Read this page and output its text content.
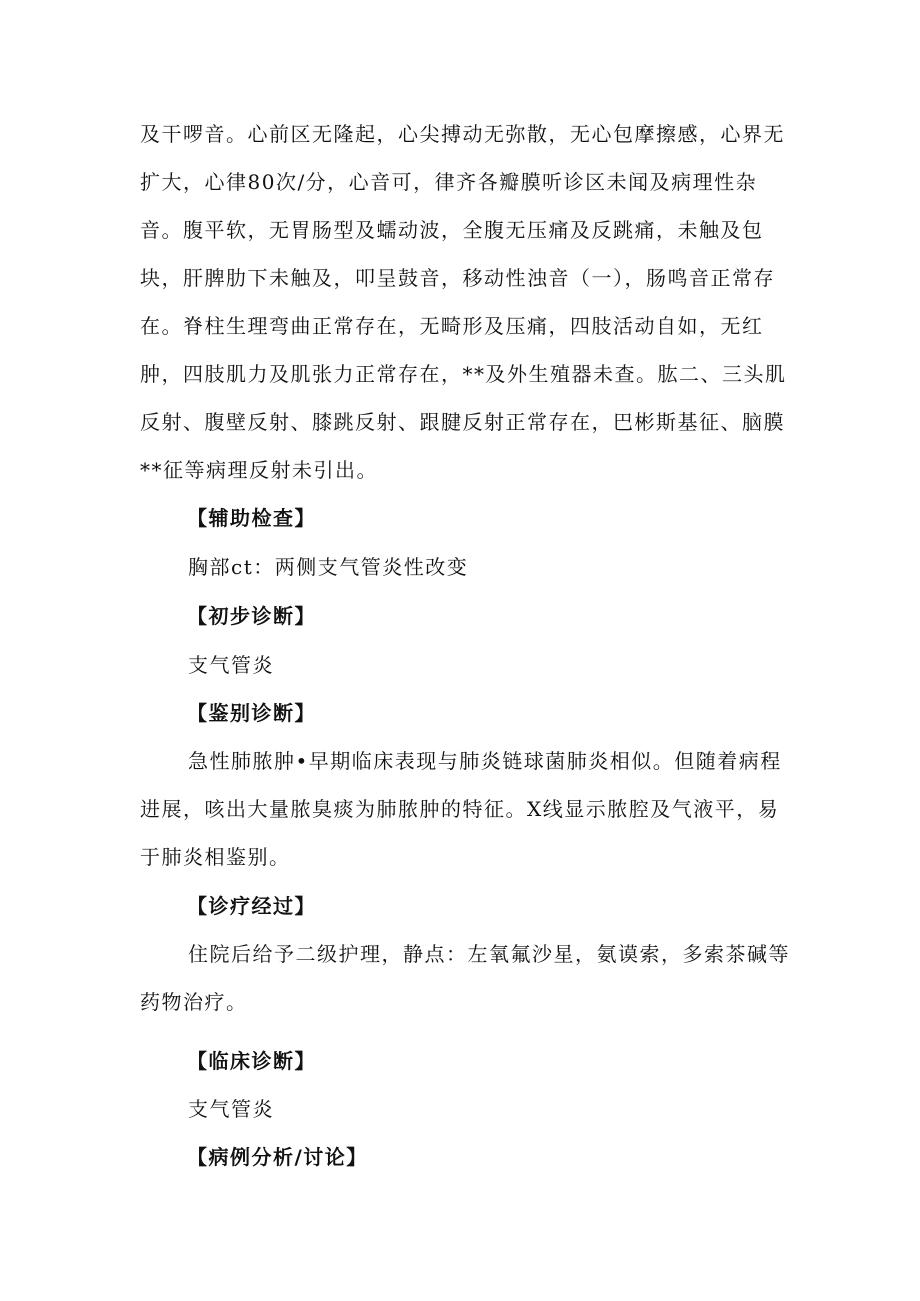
及干啰音。心前区无隆起，心尖搏动无弥散，无心包摩擦感，心界无扩大，心律80次/分，心音可，律齐各瓣膜听诊区未闻及病理性杂音。腹平软，无胃肠型及蠕动波，全腹无压痛及反跳痛，未触及包块，肝脾肋下未触及，叩呈鼓音，移动性浊音（一），肠鸣音正常存在。脊柱生理弯曲正常存在，无畸形及压痛，四肢活动自如，无红肿，四肢肌力及肌张力正常存在，**及外生殖器未查。肱二、三头肌反射、腹壁反射、膝跳反射、跟腱反射正常存在，巴彬斯基征、脑膜**征等病理反射未引出。

【辅助检查】

胸部ct：两侧支气管炎性改变

【初步诊断】

支气管炎

【鉴别诊断】

急性肺脓肿•早期临床表现与肺炎链球菌肺炎相似。但随着病程进展，咳出大量脓臭痰为肺脓肿的特征。X线显示脓腔及气液平，易于肺炎相鉴别。

【诊疗经过】

住院后给予二级护理，静点：左氧氟沙星，氨谟索，多索茶碱等药物治疗。

【临床诊断】

支气管炎

【病例分析/讨论】
